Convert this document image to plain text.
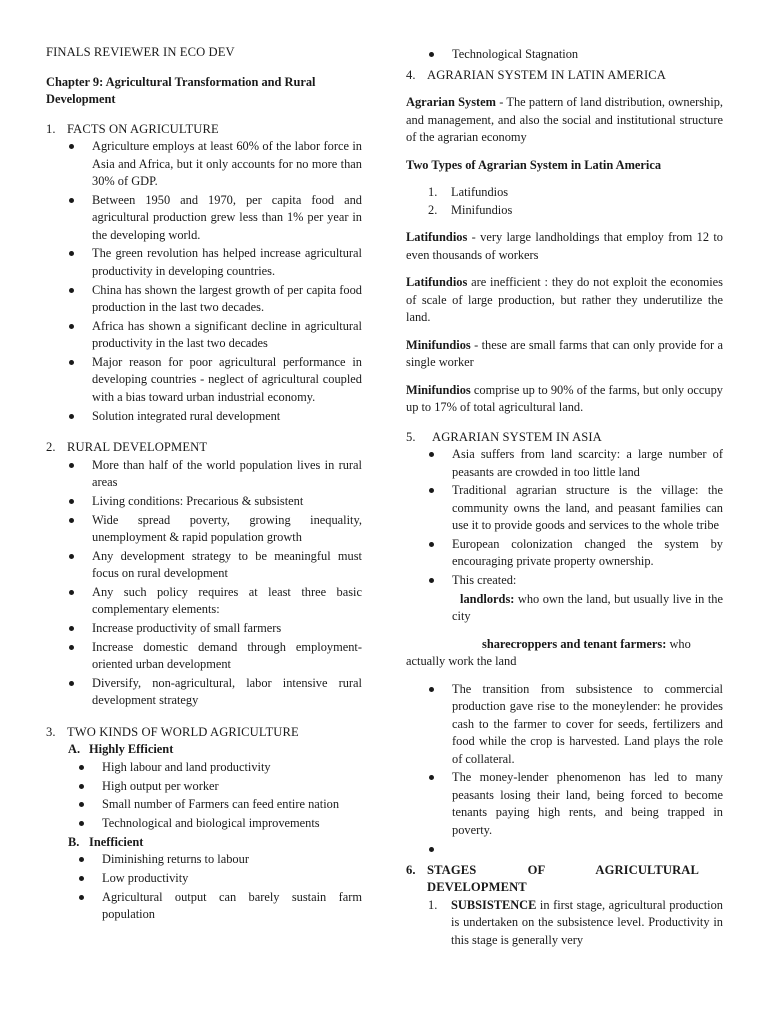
FINALS REVIEWER IN ECO DEV

Chapter 9: Agricultural Transformation and Rural Development

1. FACTS ON AGRICULTURE
Agriculture employs at least 60% of the labor force in Asia and Africa, but it only accounts for no more than 30% of GDP.
Between 1950 and 1970, per capita food and agricultural production grew less than 1% per year in the developing world.
The green revolution has helped increase agricultural productivity in developing countries.
China has shown the largest growth of per capita food production in the last two decades.
Africa has shown a significant decline in agricultural productivity in the last two decades
Major reason for poor agricultural performance in developing countries - neglect of agricultural coupled with a bias toward urban industrial economy.
Solution integrated rural development
2. RURAL DEVELOPMENT
More than half of the world population lives in rural areas
Living conditions: Precarious & subsistent
Wide spread poverty, growing inequality, unemployment & rapid population growth
Any development strategy to be meaningful must focus on rural development
Any such policy requires at least three basic complementary elements:
Increase productivity of small farmers
Increase domestic demand through employment-oriented urban development
Diversify, non-agricultural, labor intensive rural development strategy
3. TWO KINDS OF WORLD AGRICULTURE
A. Highly Efficient
High labour and land productivity
High output per worker
Small number of Farmers can feed entire nation
Technological and biological improvements
B. Inefficient
Diminishing returns to labour
Low productivity
Agricultural output can barely sustain farm population
Technological Stagnation
4. AGRARIAN SYSTEM IN LATIN AMERICA

Agrarian System - The pattern of land distribution, ownership, and management, and also the social and institutional structure of the agrarian economy

Two Types of Agrarian System in Latin America

1.	Latifundios
2.	Minifundios

Latifundios - very large landholdings that employ from 12 to even thousands of workers

Latifundios are inefficient : they do not exploit the economies of scale of large production, but rather they underutilize the land.

Minifundios - these are small farms that can only provide for a single worker

Minifundios comprise up to 90% of the farms, but only occupy up to 17% of total agricultural land.

5.	AGRARIAN SYSTEM IN ASIA
Asia suffers from land scarcity: a large number of peasants are crowded in too little land
Traditional agrarian structure is the village: the community owns the land, and peasant families can use it to provide goods and services to the whole tribe
European colonization changed the system by encouraging private property ownership.
This created:

landlords: who own the land, but usually live in the city

sharecroppers and tenant farmers: who actually work the land

The transition from subsistence to commercial production gave rise to the moneylender: he provides cash to the farmer to cover for seeds, fertilizers and food while the crop is harvested. Land plays the role of collateral.
The money-lender phenomenon has led to many peasants losing their land, being forced to become tenants paying high rents, and being trapped in poverty.
6. STAGES OF AGRICULTURAL DEVELOPMENT
1.	SUBSISTENCE in first stage, agricultural production is undertaken on the subsistence level. Productivity in this stage is generally very
